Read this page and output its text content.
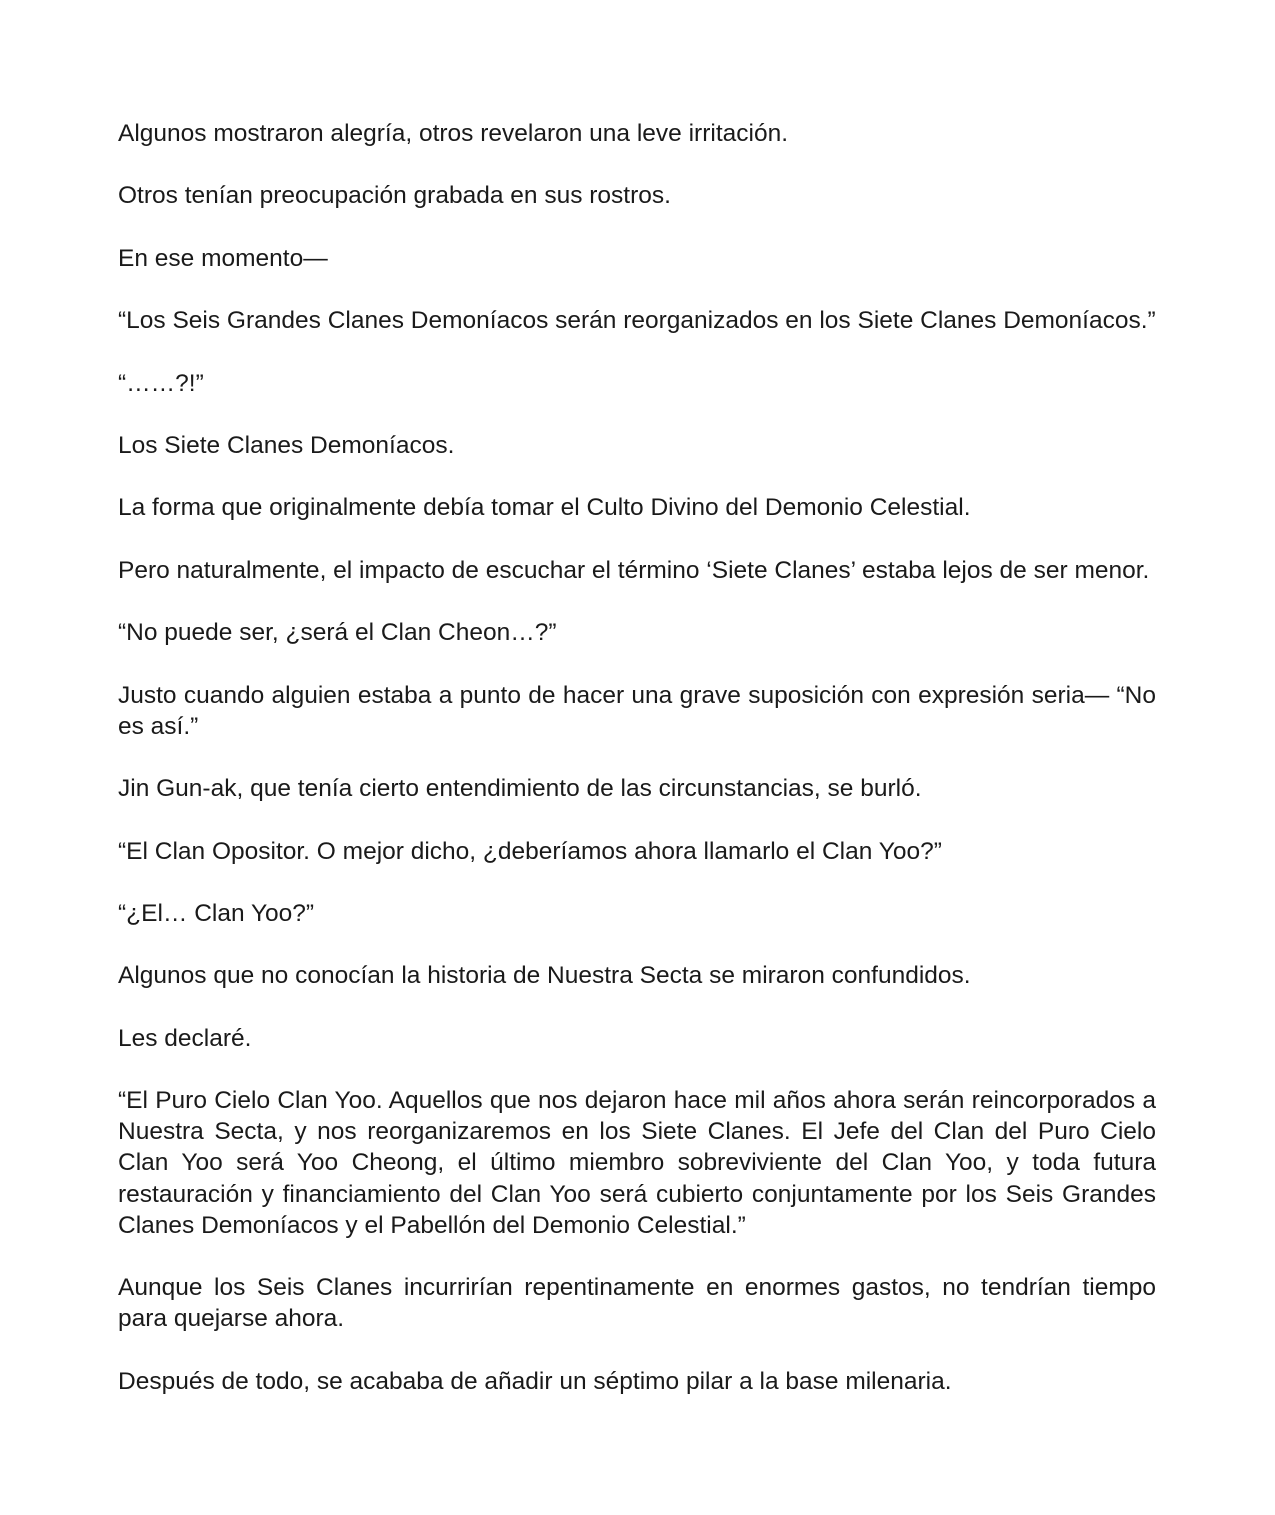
Algunos mostraron alegría, otros revelaron una leve irritación.

Otros tenían preocupación grabada en sus rostros.

En ese momento—

“Los Seis Grandes Clanes Demoníacos serán reorganizados en los Siete Clanes Demoníacos.”

“……?!”

Los Siete Clanes Demoníacos.

La forma que originalmente debía tomar el Culto Divino del Demonio Celestial.

Pero naturalmente, el impacto de escuchar el término ‘Siete Clanes’ estaba lejos de ser menor.

“No puede ser, ¿será el Clan Cheon…?”

Justo cuando alguien estaba a punto de hacer una grave suposición con expresión seria— “No es así.”

Jin Gun-ak, que tenía cierto entendimiento de las circunstancias, se burló.

“El Clan Opositor. O mejor dicho, ¿deberíamos ahora llamarlo el Clan Yoo?”

“¿El… Clan Yoo?”

Algunos que no conocían la historia de Nuestra Secta se miraron confundidos.

Les declaré.

“El Puro Cielo Clan Yoo. Aquellos que nos dejaron hace mil años ahora serán reincorporados a Nuestra Secta, y nos reorganizaremos en los Siete Clanes. El Jefe del Clan del Puro Cielo Clan Yoo será Yoo Cheong, el último miembro sobreviviente del Clan Yoo, y toda futura restauración y financiamiento del Clan Yoo será cubierto conjuntamente por los Seis Grandes Clanes Demoníacos y el Pabellón del Demonio Celestial.”

Aunque los Seis Clanes incurrirían repentinamente en enormes gastos, no tendrían tiempo para quejarse ahora.

Después de todo, se acababa de añadir un séptimo pilar a la base milenaria.
